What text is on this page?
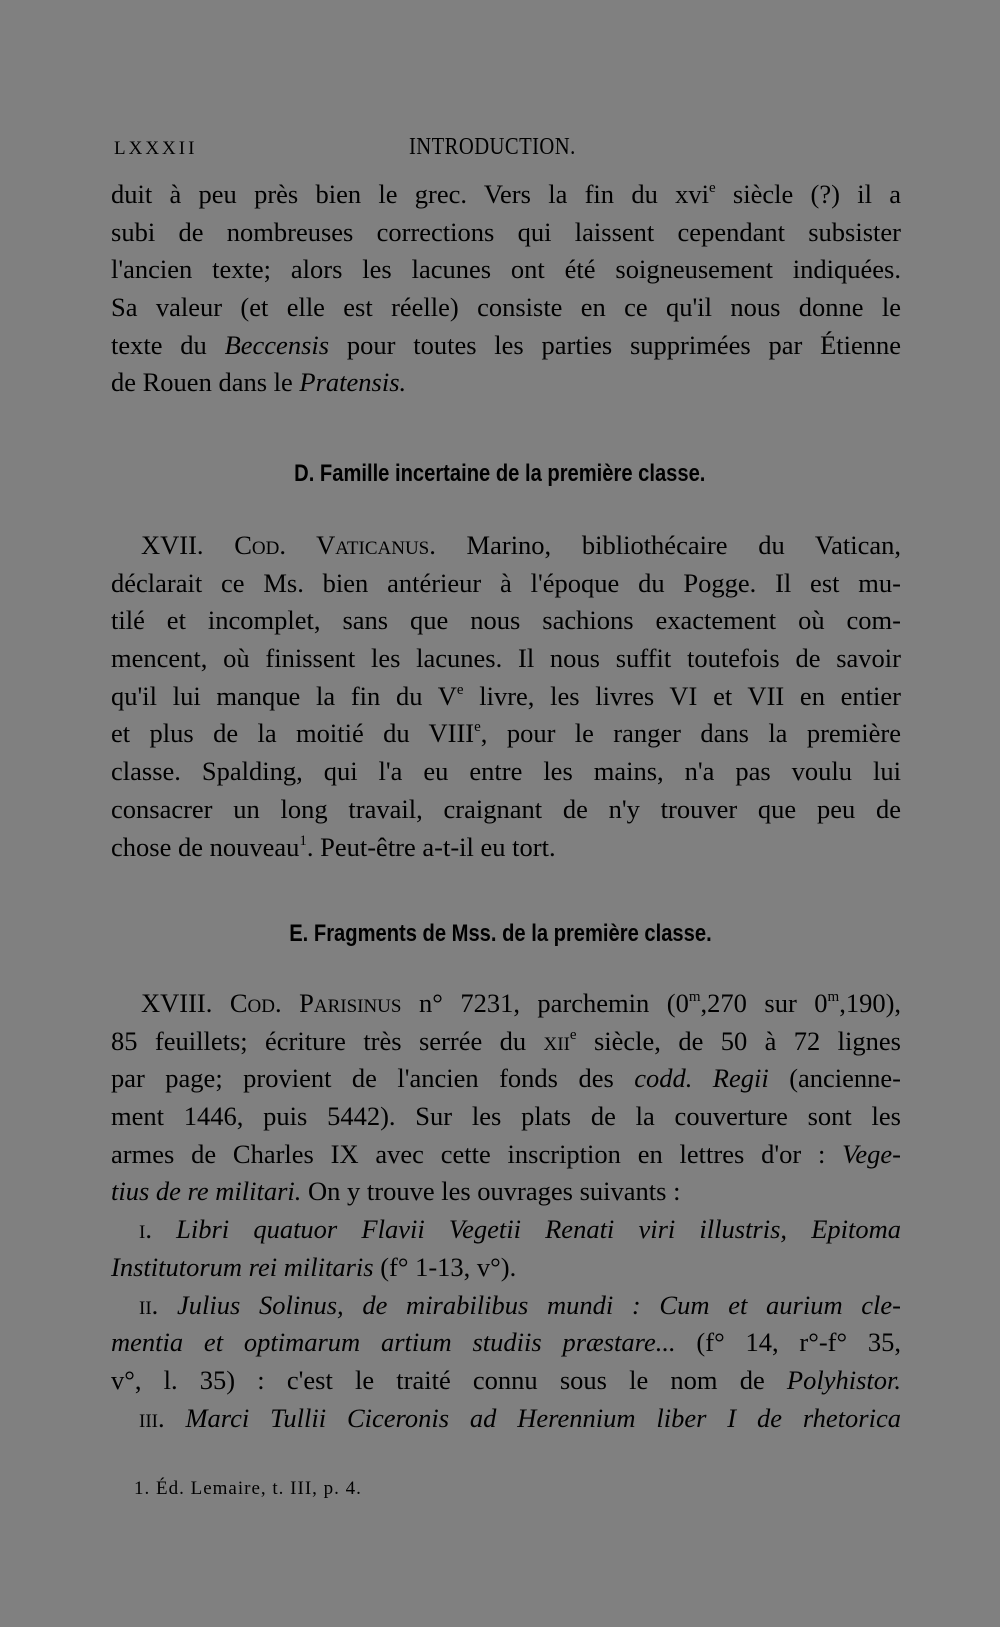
LXXXII	INTRODUCTION.
duit à peu près bien le grec. Vers la fin du xvi$^e$ siècle (?) il a
subi de nombreuses corrections qui laissent cependant subsister
l'ancien texte; alors les lacunes ont été soigneusement indiquées.
Sa valeur (et elle est réelle) consiste en ce qu'il nous donne le
texte du Beccensis pour toutes les parties supprimées par Étienne
de Rouen dans le Pratensis.
D. Famille incertaine de la première classe.
XVII. Cod. Vaticanus. Marino, bibliothécaire du Vatican,
déclarait ce Ms. bien antérieur à l'époque du Pogge. Il est mu-
tilé et incomplet, sans que nous sachions exactement où com-
mencent, où finissent les lacunes. Il nous suffit toutefois de savoir
qu'il lui manque la fin du Ve livre, les livres VI et VII en entier
et plus de la moitié du VIIIe, pour le ranger dans la première
classe. Spalding, qui l'a eu entre les mains, n'a pas voulu lui
consacrer un long travail, craignant de n'y trouver que peu de
chose de nouveau$^1$. Peut-être a-t-il eu tort.
E. Fragments de Mss. de la première classe.
XVIII. Cod. Parisinus n° 7231, parchemin (0$^m$,270 sur 0$^m$,190),
85 feuillets; écriture très serrée du xii$^e$ siècle, de 50 à 72 lignes
par page; provient de l'ancien fonds des codd. Regii (ancienne-
ment 1446, puis 5442). Sur les plats de la couverture sont les
armes de Charles IX avec cette inscription en lettres d'or : Vege-
tius de re militari. On y trouve les ouvrages suivants :
i. Libri quatuor Flavii Vegetii Renati viri illustris, Epitoma
Institutorum rei militaris (f° 1-13, v°).
ii. Julius Solinus, de mirabilibus mundi : Cum et aurium cle-
mentia et optimarum artium studiis præstare... (f° 14, r°-f° 35,
v°, l. 35) : c'est le traité connu sous le nom de Polyhistor.
iii. Marci Tullii Ciceronis ad Herennium liber I de rhetorica
1. Éd. Lemaire, t. III, p. 4.
